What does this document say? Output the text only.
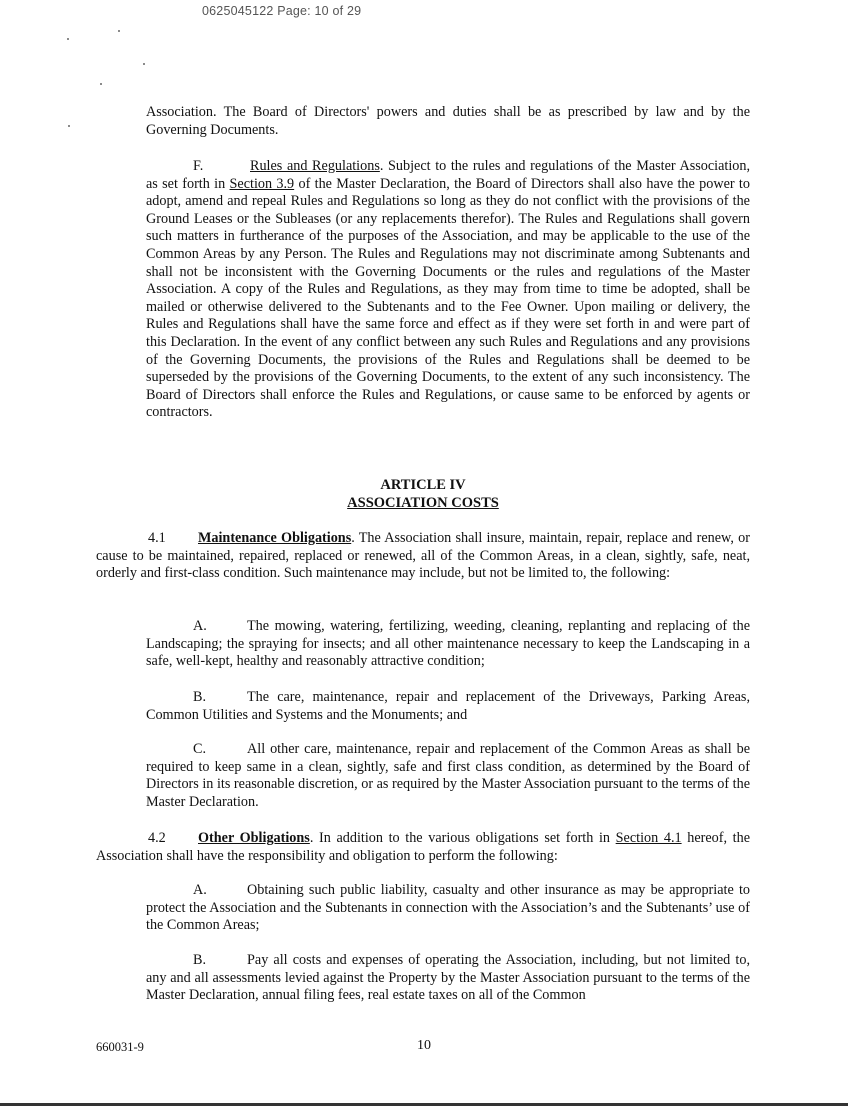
0625045122 Page: 10 of 29

Association. The Board of Directors' powers and duties shall be as prescribed by law and by the Governing Documents.

F.	Rules and Regulations. Subject to the rules and regulations of the Master Association, as set forth in Section 3.9 of the Master Declaration, the Board of Directors shall also have the power to adopt, amend and repeal Rules and Regulations so long as they do not conflict with the provisions of the Ground Leases or the Subleases (or any replacements therefor). The Rules and Regulations shall govern such matters in furtherance of the purposes of the Association, and may be applicable to the use of the Common Areas by any Person. The Rules and Regulations may not discriminate among Subtenants and shall not be inconsistent with the Governing Documents or the rules and regulations of the Master Association. A copy of the Rules and Regulations, as they may from time to time be adopted, shall be mailed or otherwise delivered to the Subtenants and to the Fee Owner. Upon mailing or delivery, the Rules and Regulations shall have the same force and effect as if they were set forth in and were part of this Declaration. In the event of any conflict between any such Rules and Regulations and any provisions of the Governing Documents, the provisions of the Rules and Regulations shall be deemed to be superseded by the provisions of the Governing Documents, to the extent of any such inconsistency. The Board of Directors shall enforce the Rules and Regulations, or cause same to be enforced by agents or contractors.

ARTICLE IV
ASSOCIATION COSTS

4.1 Maintenance Obligations. The Association shall insure, maintain, repair, replace and renew, or cause to be maintained, repaired, replaced or renewed, all of the Common Areas, in a clean, sightly, safe, neat, orderly and first-class condition. Such maintenance may include, but not be limited to, the following:

A.	The mowing, watering, fertilizing, weeding, cleaning, replanting and replacing of the Landscaping; the spraying for insects; and all other maintenance necessary to keep the Landscaping in a safe, well-kept, healthy and reasonably attractive condition;

B.	The care, maintenance, repair and replacement of the Driveways, Parking Areas, Common Utilities and Systems and the Monuments; and

C.	All other care, maintenance, repair and replacement of the Common Areas as shall be required to keep same in a clean, sightly, safe and first class condition, as determined by the Board of Directors in its reasonable discretion, or as required by the Master Association pursuant to the terms of the Master Declaration.

4.2 Other Obligations. In addition to the various obligations set forth in Section 4.1 hereof, the Association shall have the responsibility and obligation to perform the following:

A.	Obtaining such public liability, casualty and other insurance as may be appropriate to protect the Association and the Subtenants in connection with the Association’s and the Subtenants’ use of the Common Areas;

B.	Pay all costs and expenses of operating the Association, including, but not limited to, any and all assessments levied against the Property by the Master Association pursuant to the terms of the Master Declaration, annual filing fees, real estate taxes on all of the Common

660031-9	10
